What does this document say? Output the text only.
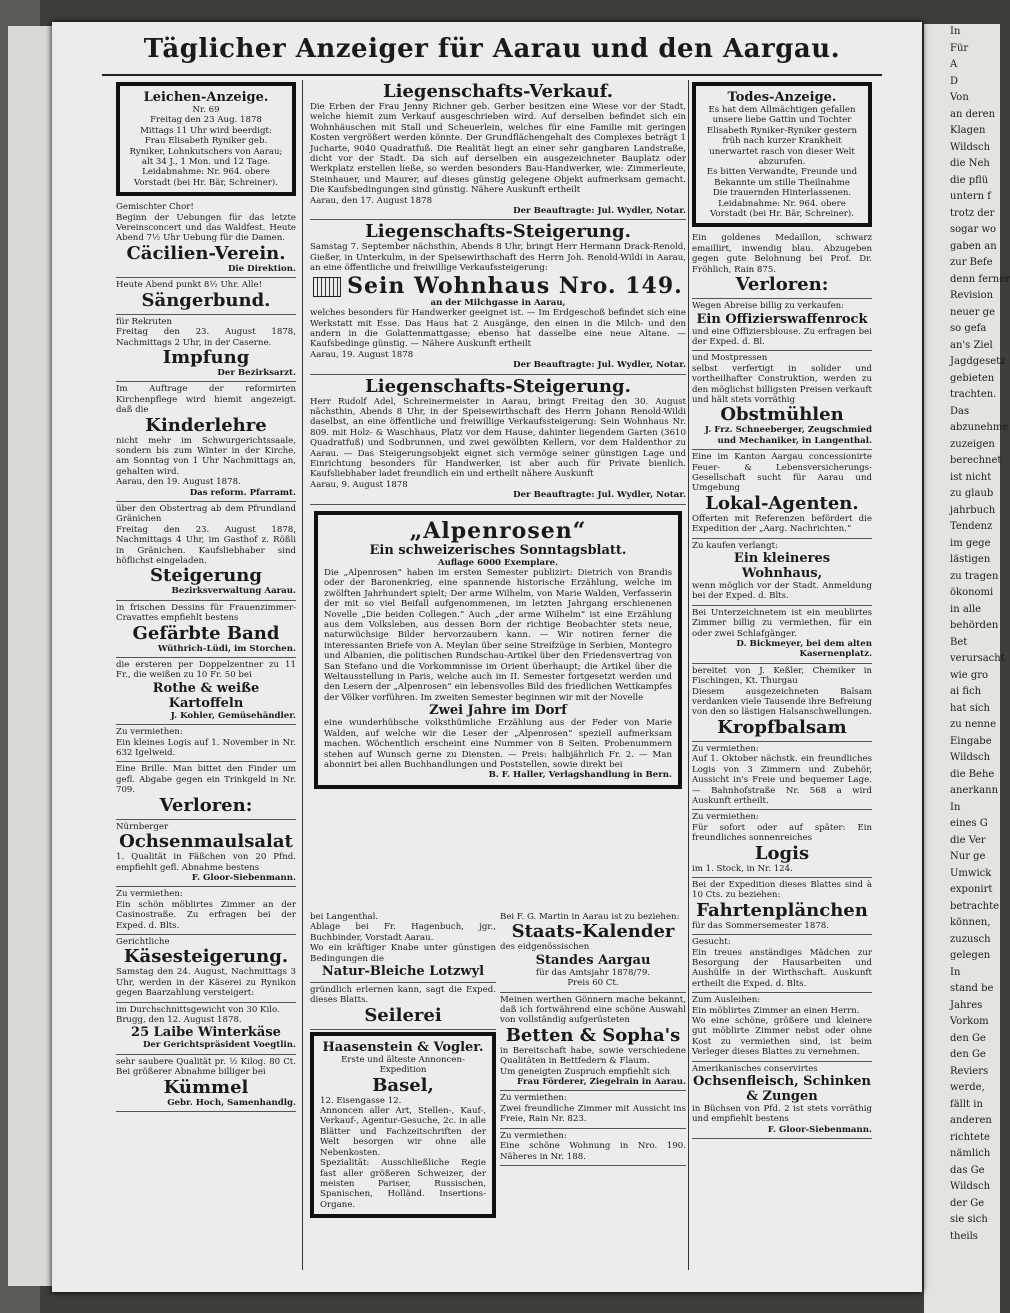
In
Für
A
D
Von
an deren
Klagen
Wildsch
die Neh
die pflü
untern f
trotz der
sogar wo
gaben an
zur Befe
denn ferner
Revision
neuer ge
so gefa
an's Ziel
Jagdgesetz
gebieten
trachten.
Das
abzunehme
zuzeigen
berechnet
ist nicht
zu glaub
jahrbuch
Tendenz
im gege
lästigen
zu tragen
ökonomi
in alle
behörden
Bet
verursacht
wie gro
ai fich
hat sich
zu nenne
Eingabe
Wildsch
die Behe
anerkann
In
eines G
die Ver
Nur ge
Umwick
exponirt
betrachte
können,
zuzusch
gelegen
In
stand be
Jahres
Vorkom
den Ge
den Ge
Reviers
werde,
fällt in
anderen
richtete
nämlich
das Ge
Wildsch
der Ge
sie sich
theils
Täglicher Anzeiger für Aarau und den Aargau.
Leichen-Anzeige.
Nr. 69
Freitag den 23 Aug. 1878
Mittags 11 Uhr wird beerdigt:
Frau Elisabeth Ryniker geb. Ryniker, Lohnkutschers von Aarau; alt 34 J., 1 Mon. und 12 Tage. Leidabnahme: Nr. 964. obere Vorstadt (bei Hr. Bär, Schreiner).
Gemischter Chor!
Beginn der Uebungen für das letzte Vereinsconcert und das Waldfest. Heute Abend 7½ Uhr Uebung für die Damen.
Cäcilien-Verein.
Die Direktion.
Heute Abend punkt 8½ Uhr. Alle!
Sängerbund.
für Rekruten
Freitag den 23. August 1878, Nachmittags 2 Uhr, in der Caserne.
Impfung
Der Bezirksarzt.
Im Auftrage der reformirten Kirchenpflege wird hiemit angezeigt. daß die
Kinderlehre
nicht mehr im Schwurgerichtssaale, sondern bis zum Winter in der Kirche, am Sonntag von 1 Uhr Nachmittags an, gehalten wird.
Aarau, den 19. August 1878.
Das reform. Pfarramt.
über den Obstertrag ab dem Pfrundland Gränichen
Freitag den 23. August 1878, Nachmittags 4 Uhr, im Gasthof z. Rößli in Gränichen. Kaufsliebhaber sind höflichst eingeladen.
Steigerung
Bezirksverwaltung Aarau.
in frischen Dessins für Frauenzimmer-Cravattes empfiehlt bestens
Gefärbte Band
Wüthrich-Lüdi, im Storchen.
die ersteren per Doppelzentner zu 11 Fr., die weißen zu 10 Fr. 50 bei
Rothe & weiße Kartoffeln
J. Kohler, Gemüsehändler.
Zu vermiethen:
Ein kleines Logis auf 1. November in Nr. 632 Igelweid.
Eine Brille. Man bittet den Finder um gefl. Abgabe gegen ein Trinkgeld in Nr. 709.
Verloren:
Nürnberger
Ochsenmaulsalat
1. Qualität in Fäßchen von 20 Pfnd. empfiehlt gefl. Abnahme bestens
F. Gloor-Siebenmann.
Zu vermiethen:
Ein schön möblirtes Zimmer an der Casinostraße. Zu erfragen bei der Exped. d. Blts.
Gerichtliche
Käsesteigerung.
Samstag den 24. August, Nachmittags 3 Uhr, werden in der Käserei zu Rynikon gegen Baarzahlung versteigert:
im Durchschnittsgewicht von 30 Kilo.
Brugg, den 12. August 1878.
25 Laibe Winterkäse
Der Gerichtspräsident Voegtlin.
sehr saubere Qualität pr. ½ Kilog. 80 Ct. Bei größerer Abnahme billiger bei
Kümmel
Gebr. Hoch, Samenhandlg.
Liegenschafts-Verkauf.
Die Erben der Frau Jenny Richner geb. Gerber besitzen eine Wiese vor der Stadt, welche hiemit zum Verkauf ausgeschrieben wird. Auf derselben befindet sich ein Wohnhäuschen mit Stall und Scheuerlein, welches für eine Familie mit geringen Kosten vergrößert werden könnte. Der Grundflächengehalt des Complexes beträgt 1 Jucharte, 9040 Quadratfuß. Die Realität liegt an einer sehr gangbaren Landstraße, dicht vor der Stadt. Da sich auf derselben ein ausgezeichneter Bauplatz oder Werkplatz erstellen ließe, so werden besonders Bau-Handwerker, wie: Zimmerleute, Steinhauer, und Maurer, auf dieses günstig gelegene Objekt aufmerksam gemacht. Die Kaufsbedingungen sind günstig. Nähere Auskunft ertheilt
Aarau, den 17. August 1878
Der Beauftragte: Jul. Wydler, Notar.
Liegenschafts-Steigerung.
Samstag 7. September nächsthin, Abends 8 Uhr, bringt Herr Hermann Drack-Renold, Gießer, in Unterkulm, in der Speisewirthschaft des Herrn Joh. Renold-Wildi in Aarau, an eine öffentliche und freiwillige Verkaufssteigerung:
Sein Wohnhaus Nro. 149.
an der Milchgasse in Aarau,
welches besonders für Handwerker geeignet ist. — Im Erdgeschoß befindet sich eine Werkstatt mit Esse. Das Haus hat 2 Ausgänge, den einen in die Milch- und den andern in die Golattenmattgasse; ebenso hat dasselbe eine neue Altane. — Kaufsbedinge günstig. — Nähere Auskunft ertheilt
Aarau, 19. August 1878
Der Beauftragte: Jul. Wydler, Notar.
Liegenschafts-Steigerung.
Herr Rudolf Adel, Schreinermeister in Aarau, bringt Freitag den 30. August nächsthin, Abends 8 Uhr, in der Speisewirthschaft des Herrn Johann Renold-Wildi daselbst, an eine öffentliche und freiwillige Verkaufssteigerung: Sein Wohnhaus Nr. 809. mit Holz- & Waschhaus, Platz vor dem Hause, dahinter liegendem Garten (3610 Quadratfuß) und Sodbrunnen, und zwei gewölbten Kellern, vor dem Haldenthor zu Aarau. — Das Steigerungsobjekt eignet sich vermöge seiner günstigen Lage und Einrichtung besonders für Handwerker, ist aber auch für Private bienlich. Kaufsliebhaber ladet freundlich ein und ertheilt nähere Auskunft
Aarau, 9. August 1878
Der Beauftragte: Jul. Wydler, Notar.
„Alpenrosen“
Ein schweizerisches Sonntagsblatt.
Auflage 6000 Exemplare.
Die „Alpenrosen“ haben im ersten Semester publizirt: Dietrich von Brandis oder der Baronenkrieg, eine spannende historische Erzählung, welche im zwölften Jahrhundert spielt; Der arme Wilhelm, von Marie Walden, Verfasserin der mit so viel Beifall aufgenommenen, im letzten Jahrgang erschienenen Novelle „Die beiden Collegen.“ Auch „der arme Wilhelm“ ist eine Erzählung aus dem Volksleben, aus dessen Born der richtige Beobachter stets neue, naturwüchsige Bilder hervorzaubern kann. — Wir notiren ferner die interessanten Briefe von A. Meylan über seine Streifzüge in Serbien, Montegro und Albanien, die politischen Rundschau-Artikel über den Friedensvertrag von San Stefano und die Vorkommnisse im Orient überhaupt; die Artikel über die Weltausstellung in Paris, welche auch im II. Semester fortgesetzt werden und den Lesern der „Alpenrosen“ ein lebensvolles Bild des friedlichen Wettkampfes der Völker vorführen. Im zweiten Semester beginnen wir mit der Novelle
Zwei Jahre im Dorf
eine wunderhübsche volksthümliche Erzählung aus der Feder von Marie Walden, auf welche wir die Leser der „Alpenrosen“ speziell aufmerksam machen. Wöchentlich erscheint eine Nummer von 8 Seiten. Probenummern stehen auf Wunsch gerne zu Diensten. — Preis: halbjährlich Fr. 2. — Man abonnirt bei allen Buchhandlungen und Poststellen, sowie direkt bei
B. F. Haller, Verlagshandlung in Bern.
bei Langenthal.
Ablage bei Fr. Hagenbuch, jgr., Buchbinder, Vorstadt Aarau.
Wo ein kräftiger Knabe unter günstigen Bedingungen die
Natur-Bleiche Lotzwyl
gründlich erlernen kann, sagt die Exped. dieses Blatts.
Seilerei
Haasenstein & Vogler.
Erste und älteste Annoncen-Expedition
Basel,
12. Eisengasse 12.
Annoncen aller Art, Stellen-, Kauf-, Verkauf-, Agentur-Gesuche, 2c. in alle Blätter und Fachzeitschriften der Welt besorgen wir ohne alle Nebenkosten.
Spezialität: Ausschließliche Regie fast aller größeren Schweizer, der meisten Pariser, Russischen, Spanischen, Holländ. Insertions-Organe.
Bei F. G. Martin in Aarau ist zu beziehen:
Staats-Kalender
des eidgenössischen
Standes Aargau
für das Amtsjahr 1878/79.
Preis 60 Ct.
Meinen werthen Gönnern mache bekannt, daß ich fortwährend eine schöne Auswahl von vollständig aufgerüsteten
Betten & Sopha's
in Bereitschaft habe, sowie verschiedene Qualitäten in Bettfedern & Flaum.
Um geneigten Zuspruch empfiehlt sich
Frau Förderer, Ziegelrain in Aarau.
Zu vermiethen:
Zwei freundliche Zimmer mit Aussicht ins Freie, Rain Nr. 823.
Zu vermiethen:
Eine schöne Wohnung in Nro. 190. Näheres in Nr. 188.
Todes-Anzeige.
Es hat dem Allmächtigen gefallen unsere liebe Gattin und Tochter Elisabeth Ryniker-Ryniker gestern früh nach kurzer Krankheit unerwartet rasch von dieser Welt abzurufen.
Es bitten Verwandte, Freunde und Bekannte um stille Theilnahme
Die trauernden Hinterlassenen.
Leidabnahme: Nr. 964. obere Vorstadt (bei Hr. Bär, Schreiner).
Ein goldenes Medaillon, schwarz emaillirt, inwendig blau. Abzugeben gegen gute Belohnung bei Prof. Dr. Fröhlich, Rain 875.
Verloren:
Wegen Abreise billig zu verkaufen:
Ein Offizierswaffenrock
und eine Offiziersblouse. Zu erfragen bei der Exped. d. Bl.
und Mostpressen
selbst verfertigt in solider und vortheilhafter Construktion, werden zu den möglichst billigsten Preisen verkauft und hält stets vorräthig
Obstmühlen
J. Frz. Schneeberger, Zeugschmied und Mechaniker, in Langenthal.
Eine im Kanton Aargau concessionirte Feuer- & Lebensversicherungs-Gesellschaft sucht für Aarau und Umgebung
Lokal-Agenten.
Offerten mit Referenzen befördert die Expedition der „Aarg. Nachrichten.“
Zu kaufen verlangt:
Ein kleineres Wohnhaus,
wenn möglich vor der Stadt. Anmeldung bei der Exped. d. Blts.
Bei Unterzeichnetem ist ein meublirtes Zimmer billig zu vermiethen, für ein oder zwei Schlafgänger.
D. Bickmeyer, bei dem alten Kasernenplatz.
bereitet von J. Keßler, Chemiker in Fischingen, Kt. Thurgau
Diesem ausgezeichneten Balsam verdanken viele Tausende ihre Befreiung von den so lästigen Halsanschwellungen.
Kropfbalsam
Zu vermiethen:
Auf 1. Oktober nächstk. ein freundliches Logis von 3 Zimmern und Zubehör, Aussicht in's Freie und bequemer Lage. — Bahnhofstraße Nr. 568 a wird Auskunft ertheilt.
Zu vermiethen:
Für sofort oder auf später: Ein freundliches sonnenreiches
Logis
im 1. Stock, in Nr. 124.
Bei der Expedition dieses Blattes sind à 10 Cts. zu beziehen:
Fahrtenplänchen
für das Sommersemester 1878.
Gesucht:
Ein treues anständiges Mädchen zur Besorgung der Hausarbeiten und Aushülfe in der Wirthschaft. Auskunft ertheilt die Exped. d. Blts.
Zum Ausleihen:
Ein möblirtes Zimmer an einen Herrn.
Wo eine schöne, größere und kleinere gut möblirte Zimmer nebst oder ohne Kost zu vermiethen sind, ist beim Verleger dieses Blattes zu vernehmen.
Amerikanisches conservirtes
Ochsenfleisch, Schinken & Zungen
in Büchsen von Pfd. 2 ist stets vorräthig und empfiehlt bestens
F. Gloor-Siebenmann.
